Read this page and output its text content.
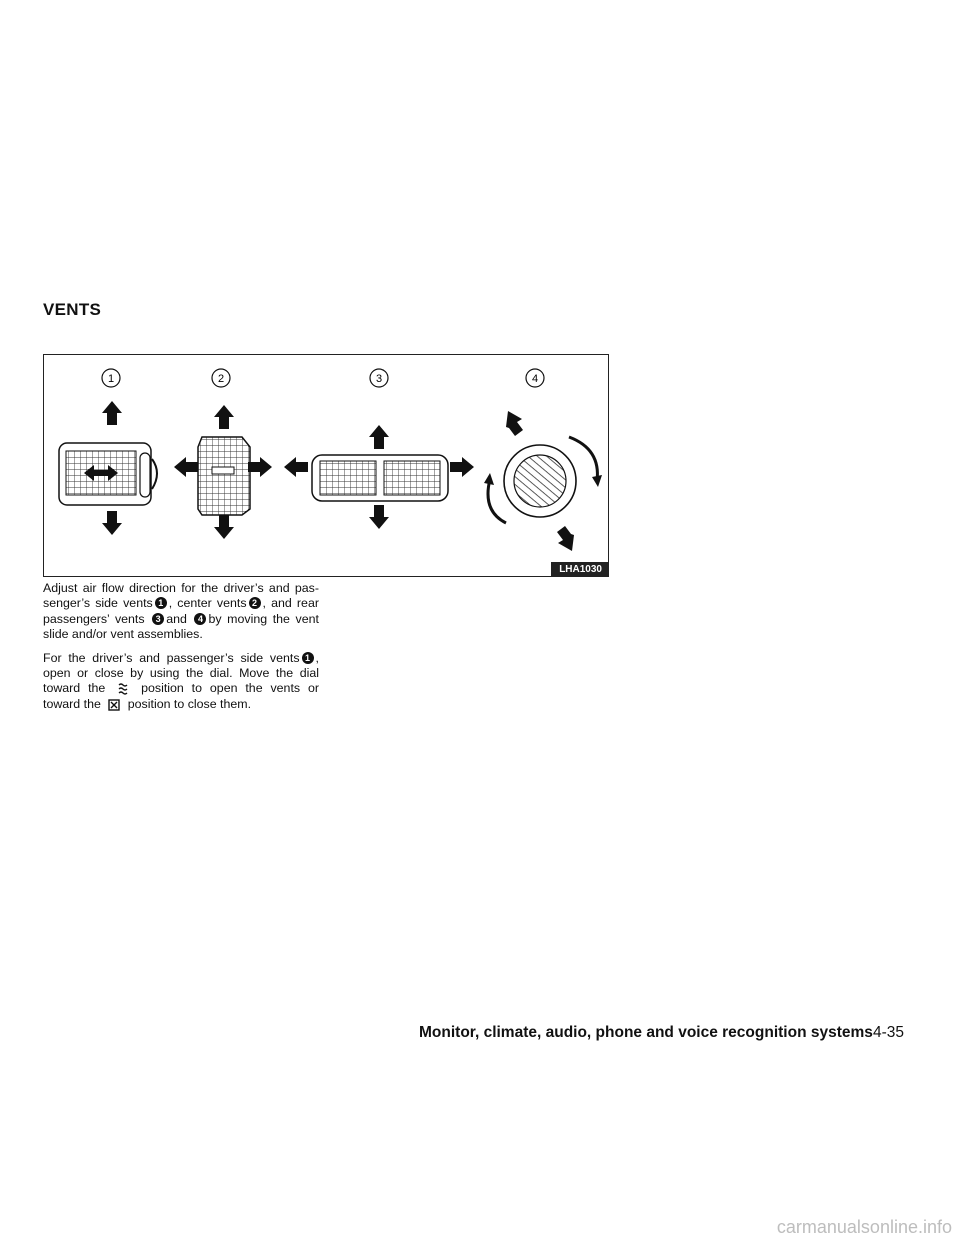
VENTS
1	2	3	4
LHA1030

Adjust air flow direction for the driver’s and pas-senger’s side vents 1 , center vents 2 , and rear passengers’ vents 3 and 4 by moving the vent slide and/or vent assemblies.

For the driver’s and passenger’s side vents 1 , open or close by using the dial. Move the dial toward the	position to open the vents or toward the position to close them.

Monitor, climate, audio, phone and voice recognition systems 4-35
carmanualsonline.info
